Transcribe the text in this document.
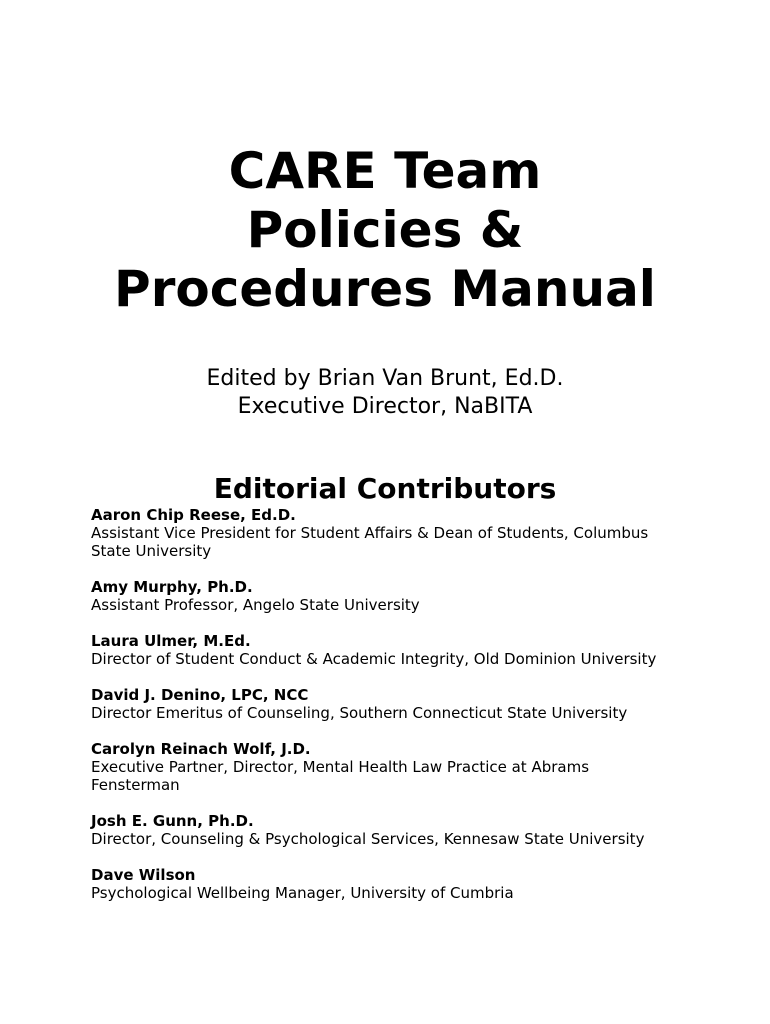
CARE Team
Policies &
Procedures Manual
Edited by Brian Van Brunt, Ed.D.
Executive Director, NaBITA
Editorial Contributors
Aaron Chip Reese, Ed.D.
Assistant Vice President for Student Affairs & Dean of Students, Columbus State University
Amy Murphy, Ph.D.
Assistant Professor, Angelo State University
Laura Ulmer, M.Ed.
Director of Student Conduct & Academic Integrity, Old Dominion University
David J. Denino, LPC, NCC
Director Emeritus of Counseling, Southern Connecticut State University
Carolyn Reinach Wolf, J.D.
Executive Partner, Director, Mental Health Law Practice at Abrams Fensterman
Josh E. Gunn, Ph.D.
Director, Counseling & Psychological Services, Kennesaw State University
Dave Wilson
Psychological Wellbeing Manager, University of Cumbria
